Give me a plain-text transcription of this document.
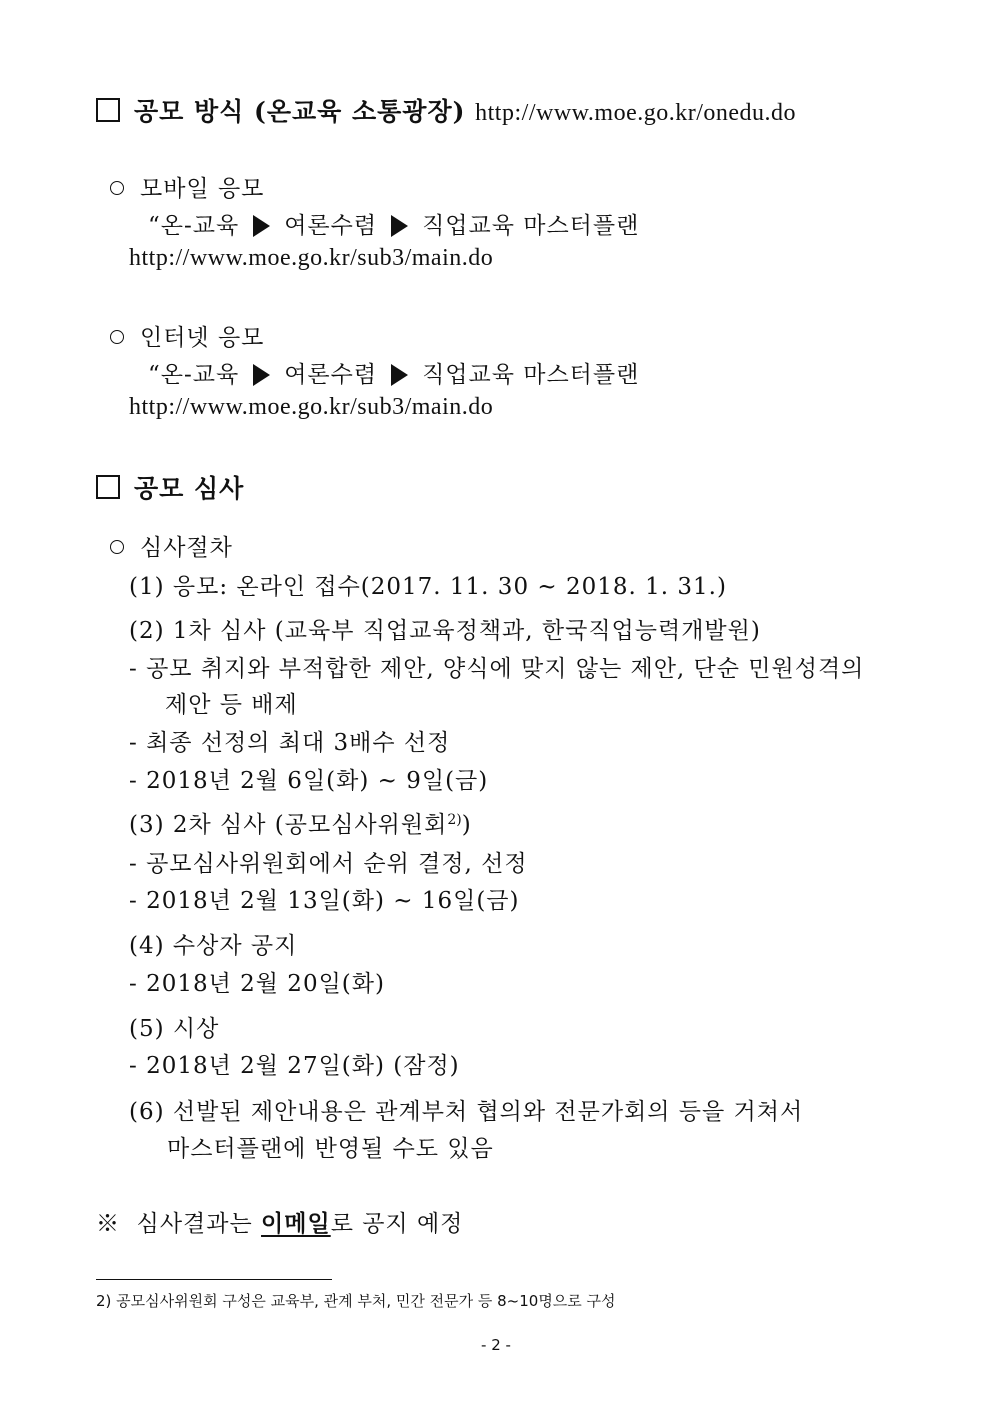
공모 방식 (온교육 소통광장) http://www.moe.go.kr/onedu.do
모바일 응모
“온-교육 여론수렴 직업교육 마스터플랜
http://www.moe.go.kr/sub3/main.do
인터넷 응모
“온-교육 여론수렴 직업교육 마스터플랜
http://www.moe.go.kr/sub3/main.do
공모 심사
심사절차
(1) 응모: 온라인 접수(2017. 11. 30 ~ 2018. 1. 31.)
(2) 1차 심사 (교육부 직업교육정책과, 한국직업능력개발원)
- 공모 취지와 부적합한 제안, 양식에 맞지 않는 제안, 단순 민원성격의
제안 등 배제
- 최종 선정의 최대 3배수 선정
- 2018년 2월 6일(화) ~ 9일(금)
(3) 2차 심사 (공모심사위원회$^{2)}$)
- 공모심사위원회에서 순위 결정, 선정
- 2018년 2월 13일(화) ~ 16일(금)
(4) 수상자 공지
- 2018년 2월 20일(화)
(5) 시상
- 2018년 2월 27일(화) (잠정)
(6) 선발된 제안내용은 관계부처 협의와 전문가회의 등을 거쳐서
마스터플랜에 반영될 수도 있음
※ 심사결과는 이메일로 공지 예정
2) 공모심사위원회 구성은 교육부, 관계 부처, 민간 전문가 등 8~10명으로 구성
- 2 -
